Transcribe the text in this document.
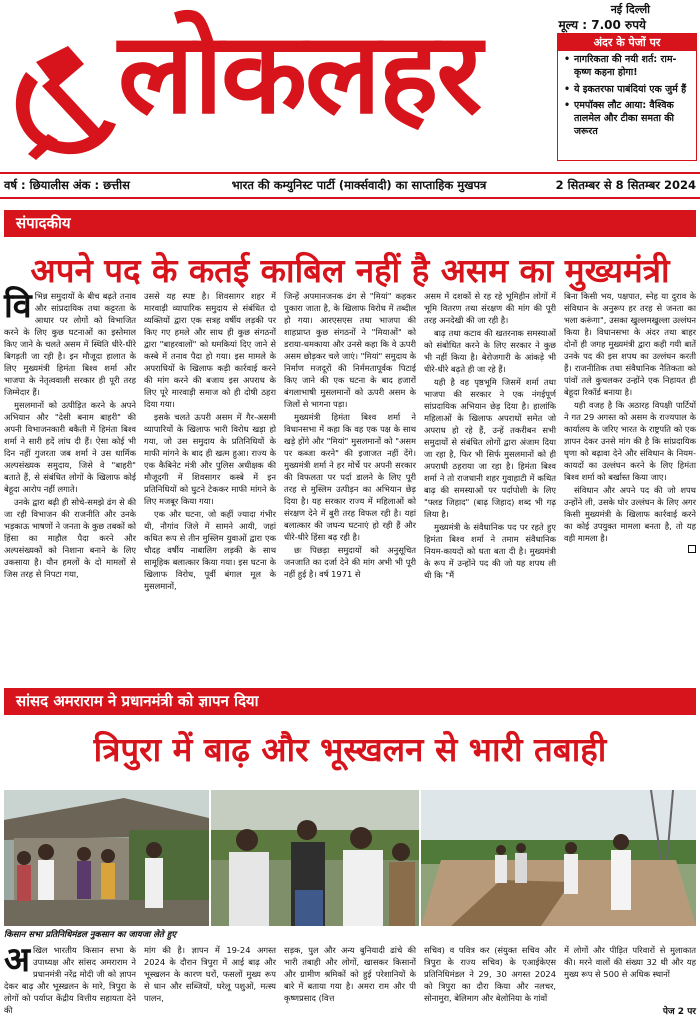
लोकलहर	नई दिल्ली
मूल्य : 7.00 रुपये
अंदर के पेजों पर
• नागरिकता की नयी शर्त: राम-कृष्ण कहना होगा!
• ये इकतरफा पाबंदियां एक जुर्म हैं
• एमपॉक्स लौट आया: वैश्विक तालमेल और टीका समता की जरूरत
वर्ष : छियालीस अंक : छत्तीस	भारत की कम्युनिस्ट पार्टी (मार्क्सवादी) का साप्ताहिक मुखपत्र	2 सितम्बर से 8 सितम्बर 2024
संपादकीय
अपने पद के कतई काबिल नहीं है असम का मुख्यमंत्री
वि भिन्न समुदायों के बीच बढ़ते तनाव और सांप्रदायिक तथा कट्टरता के आधार पर लोगों को विभाजित करने के लिए कुछ घटनाओं का इस्तेमाल किए जाने के चलते असम में स्थिति धीरे-धीरे बिगड़ती जा रही है। इन मौजूदा हालात के लिए मुख्यमंत्री हिमंता बिश्व शर्मा और भाजपा के नेतृत्ववाली सरकार ही पूरी तरह जिम्मेदार हैं।

मुसलमानों को उत्पीड़ित करने के अपने अभियान और "देसी बनाम बाहरी" की अपनी विभाजनकारी बकैती में हिमंता बिश्व शर्मा ने सारी हदें लांघ दी हैं। ऐसा कोई भी दिन नहीं गुजरता जब शर्मा ने उस धार्मिक अल्पसंख्यक समुदाय, जिसे वे "बाहरी" बताते हैं, से संबंधित लोगों के खिलाफ कोई बेहूदा आरोप नहीं लगाते।

उनके द्वारा बढ़ी ही सोचे-समझे ढंग से की जा रही विभाजन की राजनीति और उनके भड़काऊ भाषणों ने जनता के कुछ तबकों को हिंसा का माहौल पैदा करने और अल्पसंख्यकों को निशाना बनाने के लिए उकसाया है। यौन हमलों के दो मामलों से जिस तरह से निपटा गया,

उससे यह स्पष्ट है। शिवसागर शहर में मारवाड़ी व्यापारिक समुदाय से संबंधित दो व्यक्तियों द्वारा एक सत्रह वर्षीय लड़की पर किए गए हमले और साथ ही कुछ संगठनों द्वारा "बाहरवालों" को धमकियां दिए जाने से कस्बे में तनाव पैदा हो गया। इस मामले के अपराधियों के खिलाफ कड़ी कार्रवाई करने की मांग करने की बजाय इस अपराध के लिए पूरे मारवाड़ी समाज को ही दोषी ठहरा दिया गया।

इसके चलते ऊपरी असम में गैर-असमी व्यापारियों के खिलाफ भारी विरोध खड़ा हो गया, जो उस समुदाय के प्रतिनिधियों के माफी मांगने के बाद ही खत्म हुआ। राज्य के एक कैबिनेट मंत्री और पुलिस अधीक्षक की मौजूदगी में शिवसागर कस्बे में इन प्रतिनिधियों को घुटने टेककर माफी मांगने के लिए मजबूर किया गया।

एक और घटना, जो कहीं ज्यादा गंभीर थी, नौगांव जिले में सामने आयी, जहां कथित रूप से तीन मुस्लिम युवाओं द्वारा एक चौदह वर्षीय नाबालिग लड़की के साथ सामूहिक बलात्कार किया गया। इस घटना के खिलाफ विरोध, पूर्वी बंगाल मूल के मुसलमानों,

जिन्हें अपमानजनक ढंग से "मियां" कहकर पुकारा जाता है, के खिलाफ विरोध में तब्दील हो गया। आरएसएस तथा भाजपा की शाहप्राप्त कुछ संगठनों ने "मियाओं" को डराया-धमकाया और उनसे कहा कि वे ऊपरी असम छोड़कर चले जाएं। "मियां" समुदाय के निर्माण मजदूरों की निर्ममतापूर्वक पिटाई किए जाने की एक घटना के बाद हजारों बंगलाभाषी मुसलमानों को ऊपरी असम के जिलों से भागना पड़ा।

मुख्यमंत्री हिमंता बिश्व शर्मा ने विधानसभा में कहा कि वह एक पक्ष के साथ खड़े होंगे और "मियां" मुसलमानों को "असम पर कब्जा करने" की इजाजत नहीं देंगे। मुख्यमंत्री शर्मा ने हर मोर्चे पर अपनी सरकार की विफलता पर पर्दा डालने के लिए पूरी तरह से मुस्लिम उत्पीड़न का अभियान छेड़ दिया है। यह सरकार राज्य में महिलाओं को संरक्षण देने में बुरी तरह विफल रही है। यहां बलात्कार की जघन्य घटनाएं हो रही हैं और धीरे-धीरे हिंसा बढ़ रही है।

छः पिछड़ा समुदायों को अनुसूचित जनजाति का दर्जा देने की मांग अभी भी पूरी नहीं हुई है। वर्ष 1971 से

असम में दशकों से रह रहे भूमिहीन लोगों में भूमि वितरण तथा संरक्षण की मांग की पूरी तरह अनदेखी की जा रही है।

बाढ़ तथा कटाव की खतरनाक समस्याओं को संबोधित करने के लिए सरकार ने कुछ भी नहीं किया है। बेरोजगारी के आंकड़े भी धीरे-धीरे बढ़ते ही जा रहे हैं।

यही है वह पृष्ठभूमि जिसमें शर्मा तथा भाजपा की सरकार ने एक नंगईपूर्ण सांप्रदायिक अभियान छेड़ दिया है। हालांकि महिलाओं के खिलाफ अपराधों समेत जो अपराध हो रहे हैं, उन्हें तकरीबन सभी समुदायों से संबंधित लोगों द्वारा अंजाम दिया जा रहा है, फिर भी सिर्फ मुसलमानों को ही अपराधी ठहराया जा रहा है। हिमंता बिश्व शर्मा ने तो राजधानी शहर गुवाहाटी में कथित बाढ़ की समस्याओं पर पर्दापोशी के लिए "फ्लड जिहाद" (बाढ़ जिहाद) शब्द भी गढ़ लिया है।

मुख्यमंत्री के संवैधानिक पद पर रहते हुए हिमंता बिश्व शर्मा ने तमाम संवैधानिक नियम-कायदों को धता बता दी है। मुख्यमंत्री के रूप में उन्होंने पद की जो यह शपथ ली थी कि "मैं

बिना किसी भय, पक्षपात, स्नेह या दुराव के संविधान के अनुरूप हर तरह से जनता का भला करूंगा", उसका खुल्लमखुल्ला उल्लंघन किया है। विधानसभा के अंदर तथा बाहर दोनों ही जगह मुख्यमंत्री द्वारा कही गयी बातें उनके पद की इस शपथ का उल्लंघन करती हैं। राजनीतिक तथा संवैधानिक नैतिकता को पांवों तले कुचलकर उन्होंने एक निहायत ही बेहूदा रिकॉर्ड बनाया है।

यही वजह है कि अठारह विपक्षी पार्टियों ने गत 29 अगस्त को असम के राज्यपाल के कार्यालय के जरिए भारत के राष्ट्रपति को एक ज्ञापन देकर उनसे मांग की है कि सांप्रदायिक घृणा को बढ़ावा देने और संविधान के नियम-कायदों का उल्लंघन करने के लिए हिमंता बिश्व शर्मा को बर्खास्त किया जाए।

संविधान और अपने पद की जो शपथ उन्होंने ली, उसके घोर उल्लंघन के लिए अगर किसी मुख्यमंत्री के खिलाफ कार्रवाई करने का कोई उपयुक्त मामला बनता है, तो यह वही मामला है।

सांसद अमराराम ने प्रधानमंत्री को ज्ञापन दिया
त्रिपुरा में बाढ़ और भूस्खलन से भारी तबाही
किसान सभा प्रतिनिधिमंडल नुकसान का जायजा लेते हुए
अ खिल भारतीय किसान सभा के उपाध्यक्ष और सांसद अमराराम ने प्रधानमंत्री नरेंद्र मोदी जी को ज्ञापन देकर बाढ़ और भूस्खलन के मारे, त्रिपुरा के लोगों को पर्याप्त केंद्रीय वित्तीय सहायता देने की

मांग की है। ज्ञापन में 19-24 अगस्त 2024 के दौरान त्रिपुरा में आई बाढ़ और भूस्खलन के कारण घरों, फसलों मुख्य रूप से धान और सब्जियों, घरेलू पशुओं, मत्स्य पालन,

सड़क, पुल और अन्य बुनियादी ढांचे की भारी तबाही और लोगों, खासकर किसानों और ग्रामीण श्रमिकों को हुई परेशानियों के बारे में बताया गया है। अमरा राम और पी कृष्णप्रसाद (वित्त

सचिव) व पवित्र कर (संयुक्त सचिव और त्रिपुरा के राज्य सचिव) के एआईकेएस प्रतिनिधिमंडल ने 29, 30 अगस्त 2024 को त्रिपुरा का दौरा किया और नलचर, सोनामुरा, बेलिमाग और बेलोनिया के गांवों

में लोगों और पीड़ित परिवारों से मुलाकात की। मरने वालों की संख्या 32 थी और यह मुख्य रूप से 500 से अधिक स्थानों

पेज 2 पर
